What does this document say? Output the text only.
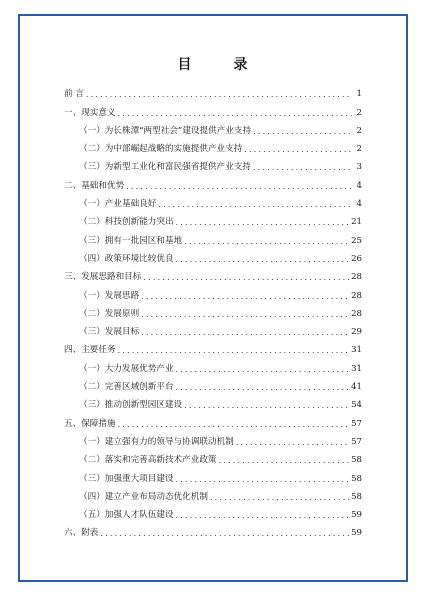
目　录
前 言 .....	1
一、现实意义 .....	2
（一）为长株潭“两型社会”建设提供产业支持 .....	2
（二）为中部崛起战略的实施提供产业支持 .....	2
（三）为新型工业化和富民强省提供产业支持 .....	3
二、基础和优势 .....	4
（一）产业基础良好 .....	4
（二）科技创新能力突出 .....	21
（三）拥有一批园区和基地 .....	25
（四）政策环境比较优良 .....	26
三、发展思路和目标 .....	28
（一）发展思路 .....	28
（二）发展原则 .....	28
（三）发展目标 .....	29
四、主要任务 .....	31
（一）大力发展优势产业 .....	31
（二）完善区域创新平台 .....	41
（三）推动创新型园区建设 .....	54
五、保障措施 .....	57
（一）建立强有力的领导与协调联动机制 .....	57
（二）落实和完善高新技术产业政策 .....	58
（三）加强重大项目建设 .....	58
（四）建立产业布局动态优化机制 .....	58
（五）加强人才队伍建设 .....	59
六、附表 .....	59
